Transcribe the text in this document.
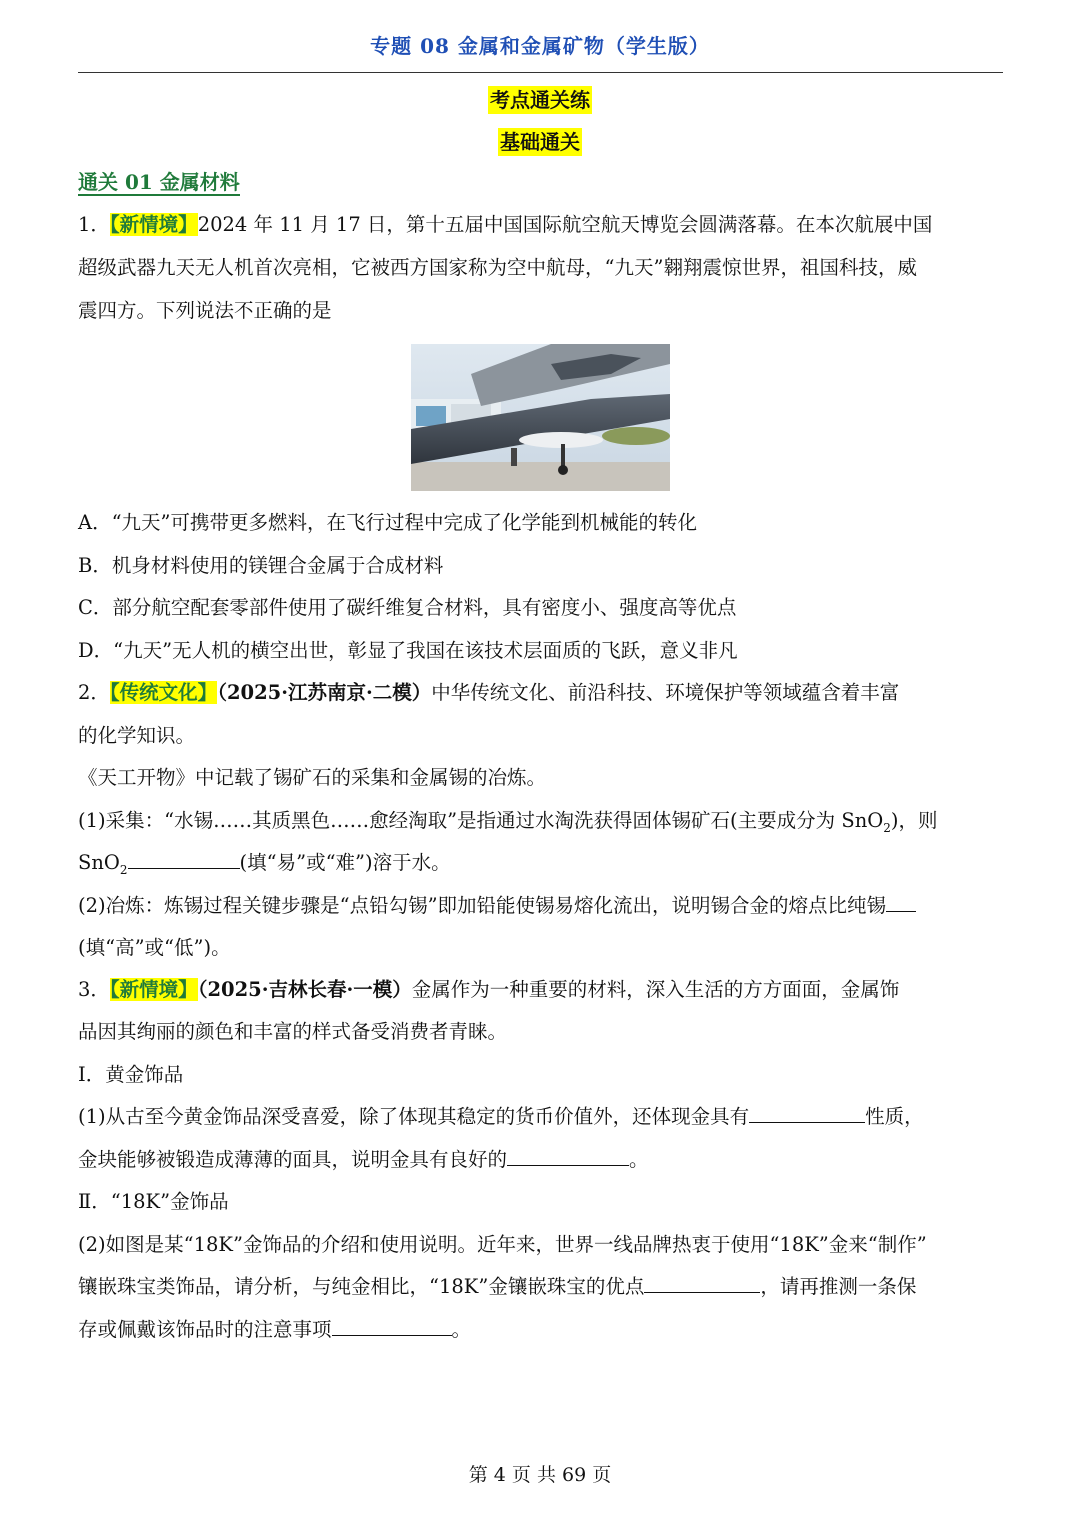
专题 08 金属和金属矿物（学生版）
考点通关练
基础通关
通关 01 金属材料
1．【新情境】2024 年 11 月 17 日，第十五届中国国际航空航天博览会圆满落幕。在本次航展中国
超级武器九天无人机首次亮相，它被西方国家称为空中航母，“九天”翱翔震惊世界，祖国科技，威
震四方。下列说法不正确的是
A．“九天”可携带更多燃料，在飞行过程中完成了化学能到机械能的转化
B．机身材料使用的镁锂合金属于合成材料
C．部分航空配套零部件使用了碳纤维复合材料，具有密度小、强度高等优点
D．“九天”无人机的横空出世，彰显了我国在该技术层面质的飞跃，意义非凡
2．【传统文化】（2025·江苏南京·二模）中华传统文化、前沿科技、环境保护等领域蕴含着丰富
的化学知识。
《天工开物》中记载了锡矿石的采集和金属锡的冶炼。
(1)采集：“水锡……其质黑色……愈经淘取”是指通过水淘洗获得固体锡矿石(主要成分为 SnO$_2$)，则
SnO$_2$	(填“易”或“难”)溶于水。
(2)冶炼：炼锡过程关键步骤是“点铅勾锡”即加铅能使锡易熔化流出，说明锡合金的熔点比纯锡
(填“高”或“低”)。
3．【新情境】（2025·吉林长春·一模）金属作为一种重要的材料，深入生活的方方面面，金属饰
品因其绚丽的颜色和丰富的样式备受消费者青睐。
I．黄金饰品
(1)从古至今黄金饰品深受喜爱，除了体现其稳定的货币价值外，还体现金具有	性质，
金块能够被锻造成薄薄的面具，说明金具有良好的	。
Ⅱ．“18K”金饰品
(2)如图是某“18K”金饰品的介绍和使用说明。近年来，世界一线品牌热衷于使用“18K”金来“制作”
镶嵌珠宝类饰品，请分析，与纯金相比，“18K”金镶嵌珠宝的优点	，请再推测一条保
存或佩戴该饰品时的注意事项	。
第 4 页 共 69 页
